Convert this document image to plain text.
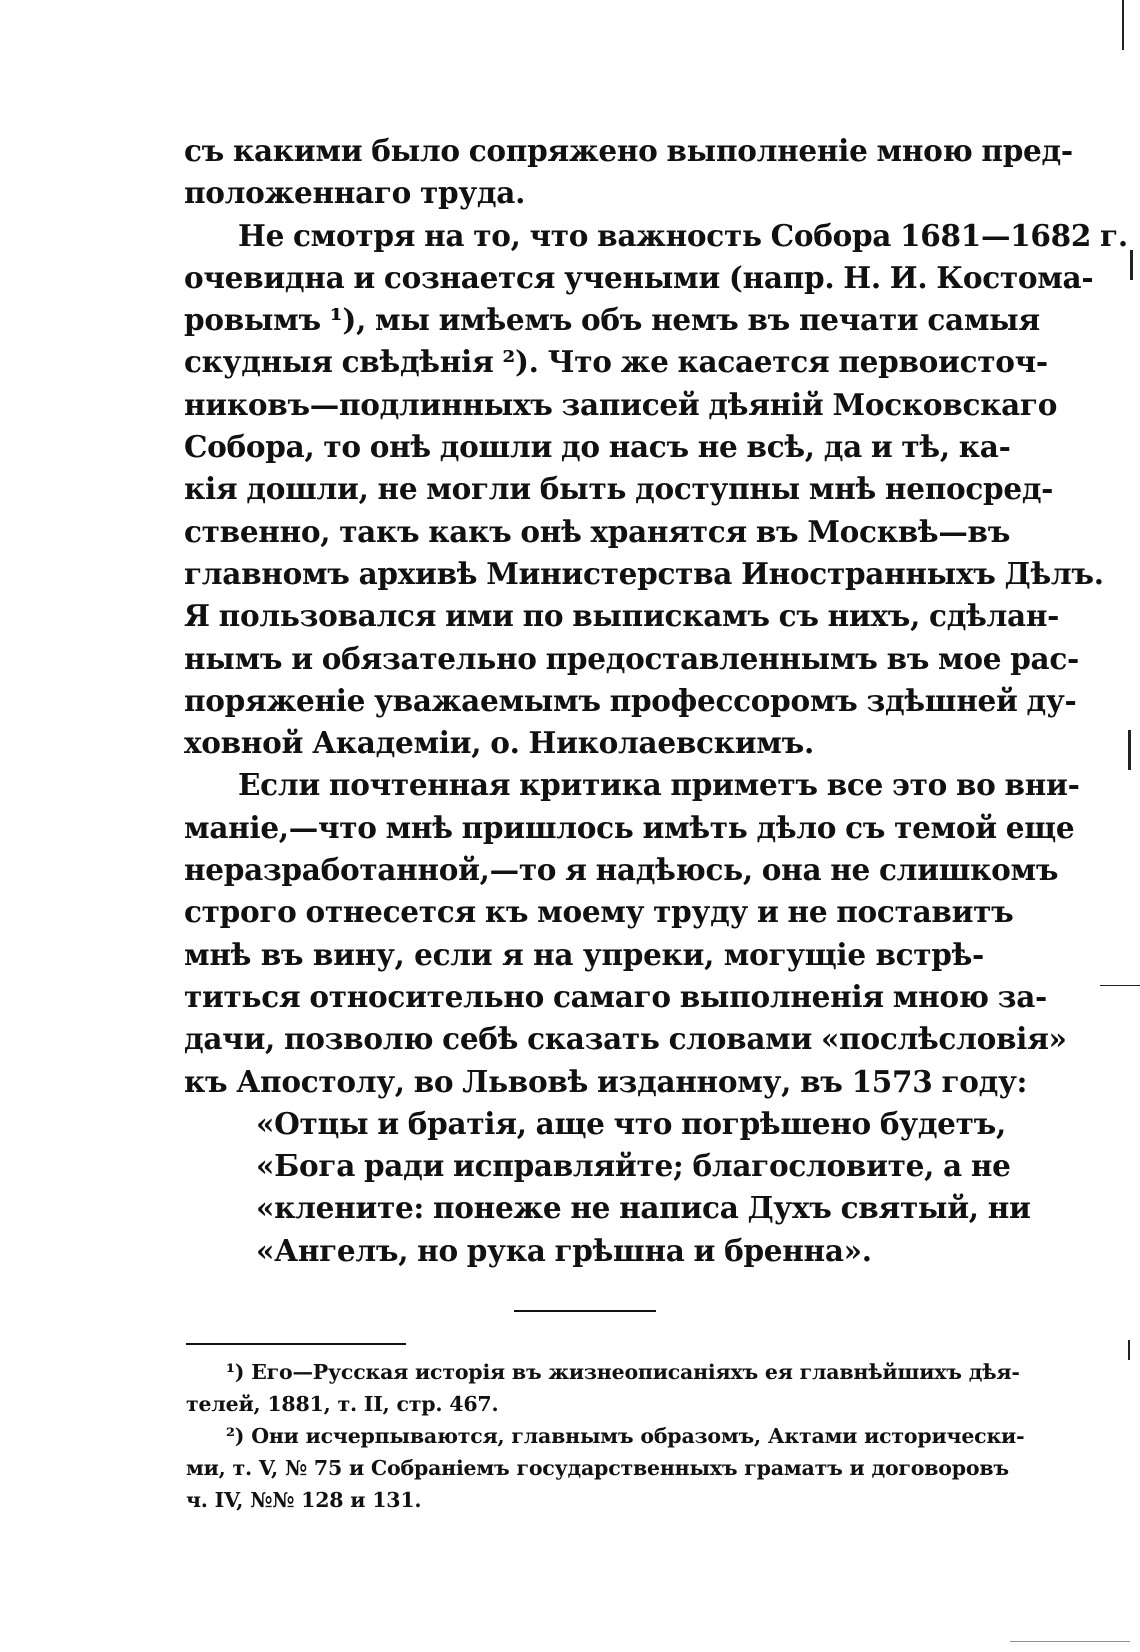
съ какими было сопряжено выполненіе мною пред-
положеннаго труда.
Не смотря на то, что важность Собора 1681—1682 г.
очевидна и сознается учеными (напр. Н. И. Костома-
ровымъ ¹), мы имѣемъ объ немъ въ печати самыя
скудныя свѣдѣнія ²). Что же касается первоисточ-
никовъ—подлинныхъ записей дѣяній Московскаго
Собора, то онѣ дошли до насъ не всѣ, да и тѣ, ка-
кія дошли, не могли быть доступны мнѣ непосред-
ственно, такъ какъ онѣ хранятся въ Москвѣ—въ
главномъ архивѣ Министерства Иностранныхъ Дѣлъ.
Я пользовался ими по выпискамъ съ нихъ, сдѣлан-
нымъ и обязательно предоставленнымъ въ мое рас-
поряженіе уважаемымъ профессоромъ здѣшней ду-
ховной Академіи, о. Николаевскимъ.
Если почтенная критика приметъ все это во вни-
маніе,—что мнѣ пришлось имѣть дѣло съ темой еще
неразработанной,—то я надѣюсь, она не слишкомъ
строго отнесется къ моему труду и не поставитъ
мнѣ въ вину, если я на упреки, могущіе встрѣ-
титься относительно самаго выполненія мною за-
дачи, позволю себѣ сказать словами «послѣсловія»
къ Апостолу, во Львовѣ изданному, въ 1573 году:
«Отцы и братія, аще что погрѣшено будетъ,
«Бога ради исправляйте; благословите, а не
«клените: понеже не написа Духъ святый, ни
«Ангелъ, но рука грѣшна и бренна».
¹) Его—Русская исторія въ жизнеописаніяхъ ея главнѣйшихъ дѣя-
телей, 1881, т. II, стр. 467.
²) Они исчерпываются, главнымъ образомъ, Актами исторически-
ми, т. V, № 75 и Собраніемъ государственныхъ граматъ и договоровъ
ч. IV, №№ 128 и 131.
